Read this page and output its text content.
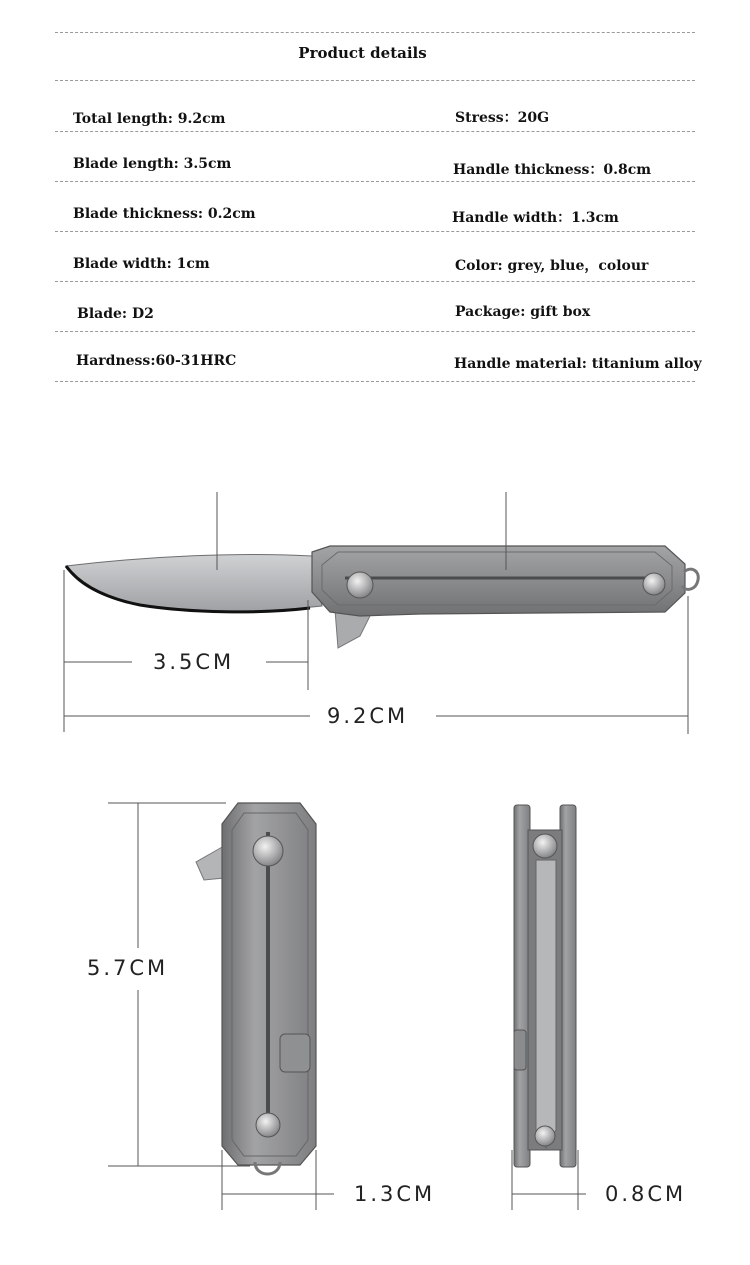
Product details
Total length: 9.2cm	Stress：20G
Blade length: 3.5cm	Handle thickness：0.8cm
Blade thickness: 0.2cm	Handle width：1.3cm
Blade width: 1cm	Color: grey, blue，colour
Blade: D2	Package: gift box
Hardness:60-31HRC	Handle material: titanium alloy
3.5CM
9.2CM
5.7CM
1.3CM	0.8CM
